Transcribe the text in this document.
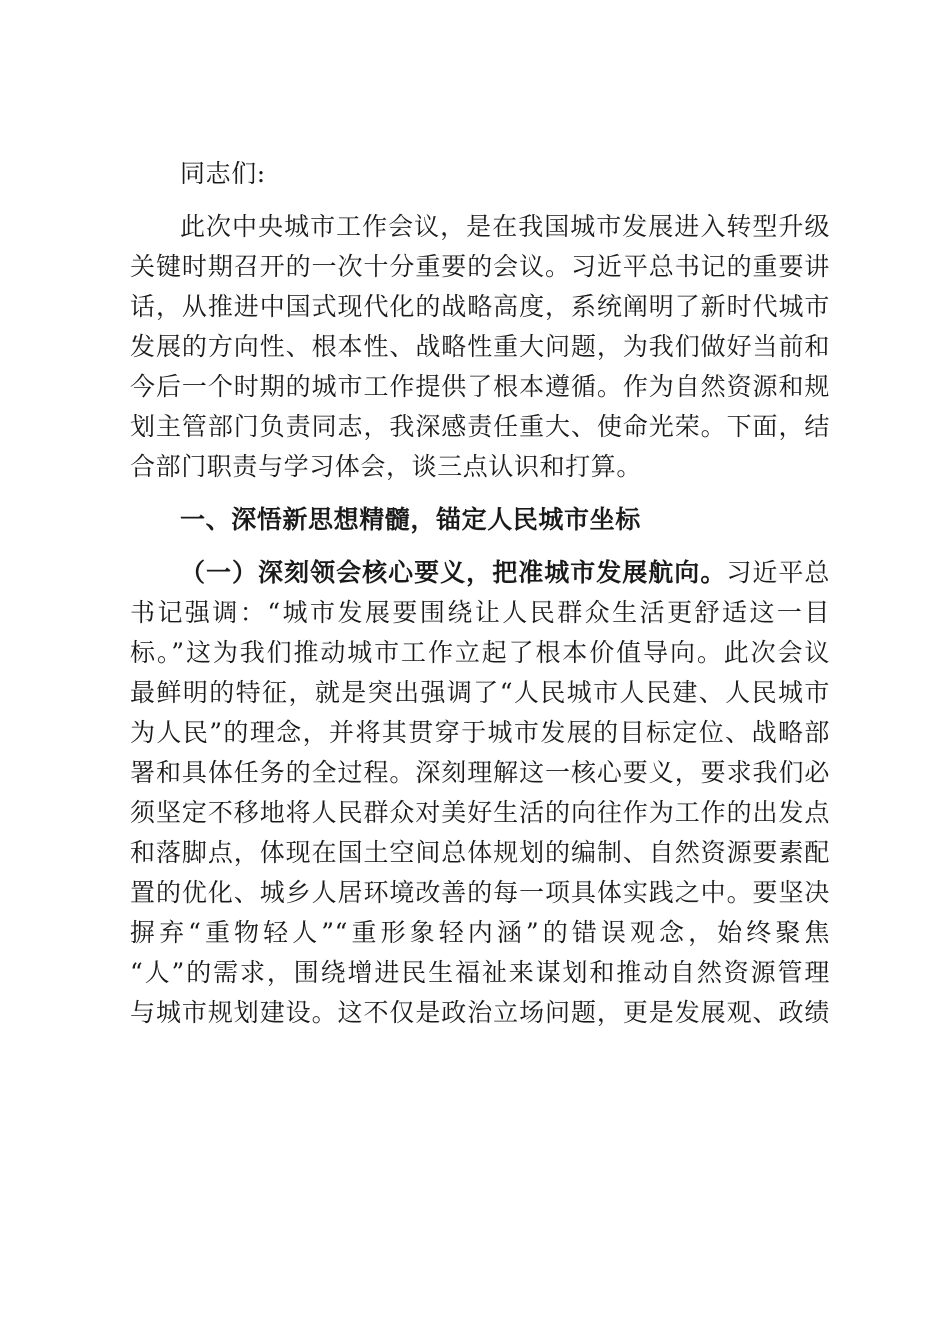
同志们:
此次中央城市工作会议，是在我国城市发展进入转型升级
关键时期召开的一次十分重要的会议。习近平总书记的重要讲
话，从推进中国式现代化的战略高度，系统阐明了新时代城市
发展的方向性、根本性、战略性重大问题，为我们做好当前和
今后一个时期的城市工作提供了根本遵循。作为自然资源和规
划主管部门负责同志，我深感责任重大、使命光荣。下面，结
合部门职责与学习体会，谈三点认识和打算。
一、深悟新思想精髓，锚定人民城市坐标
（一）深刻领会核心要义，把准城市发展航向。习近平总
书记强调：“城市发展要围绕让人民群众生活更舒适这一目
标。”这为我们推动城市工作立起了根本价值导向。此次会议
最鲜明的特征，就是突出强调了“人民城市人民建、人民城市
为人民”的理念，并将其贯穿于城市发展的目标定位、战略部
署和具体任务的全过程。深刻理解这一核心要义，要求我们必
须坚定不移地将人民群众对美好生活的向往作为工作的出发点
和落脚点，体现在国土空间总体规划的编制、自然资源要素配
置的优化、城乡人居环境改善的每一项具体实践之中。要坚决
摒弃“重物轻人”“重形象轻内涵”的错误观念，始终聚焦
“人”的需求，围绕增进民生福祉来谋划和推动自然资源管理
与城市规划建设。这不仅是政治立场问题，更是发展观、政绩
